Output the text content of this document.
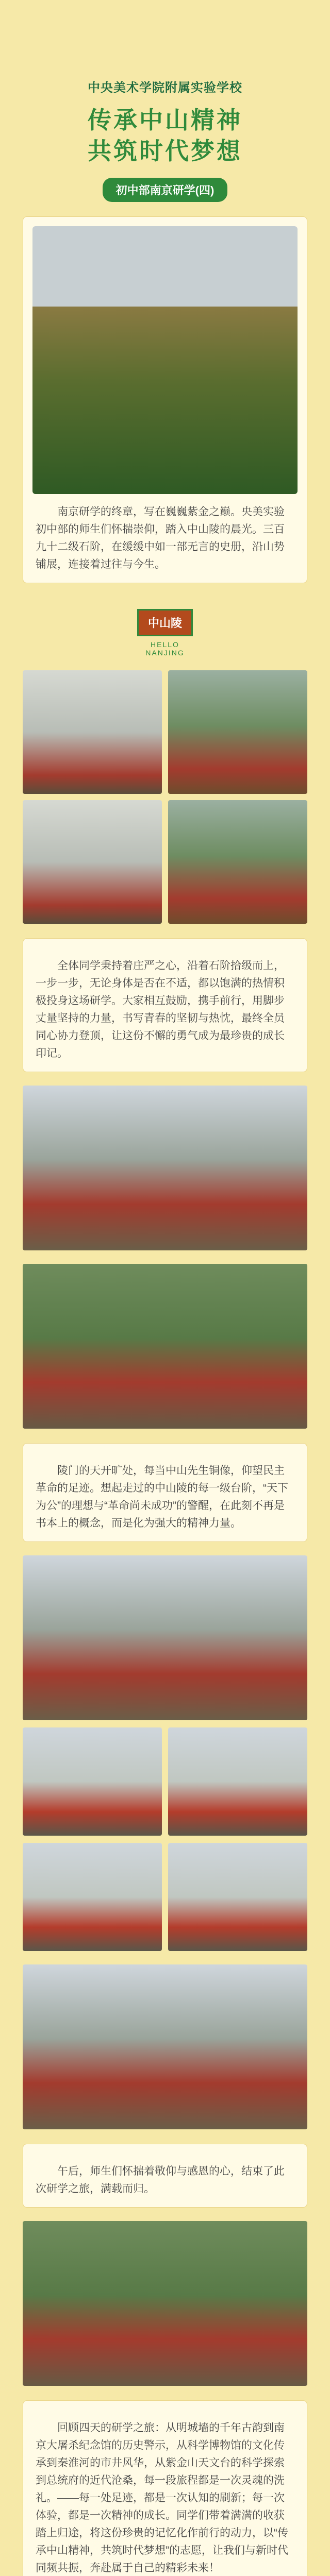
中央美术学院附属实验学校
传承中山精神
共筑时代梦想
初中部南京研学(四)
南京研学的终章，写在巍巍紫金之巅。央美实验初中部的师生们怀揣崇仰，踏入中山陵的晨光。三百九十二级石阶，在缓缓中如一部无言的史册，沿山势铺展，连接着过往与今生。
中山陵
HELLO NANJING
全体同学秉持着庄严之心，沿着石阶拾级而上，一步一步，无论身体是否在不适，都以饱满的热情积极投身这场研学。大家相互鼓励，携手前行，用脚步丈量坚持的力量，书写青春的坚韧与热忱，最终全员同心协力登顶，让这份不懈的勇气成为最珍贵的成长印记。
陵门的天开旷处，每当中山先生铜像，仰望民主革命的足迹。想起走过的中山陵的每一级台阶，“天下为公”的理想与“革命尚未成功”的警醒，在此刻不再是书本上的概念，而是化为强大的精神力量。
午后，师生们怀揣着敬仰与感恩的心，结束了此次研学之旅，满载而归。
回顾四天的研学之旅：从明城墙的千年古韵到南京大屠杀纪念馆的历史警示，从科学博物馆的文化传承到秦淮河的市井风华，从紫金山天文台的科学探索到总统府的近代沧桑，每一段旅程都是一次灵魂的洗礼。——每一处足迹，都是一次认知的刷新；每一次体验，都是一次精神的成长。同学们带着满满的收获踏上归途，将这份珍贵的记忆化作前行的动力，以“传承中山精神，共筑时代梦想”的志愿，让我们与新时代同频共振，奔赴属于自己的精彩未来！
